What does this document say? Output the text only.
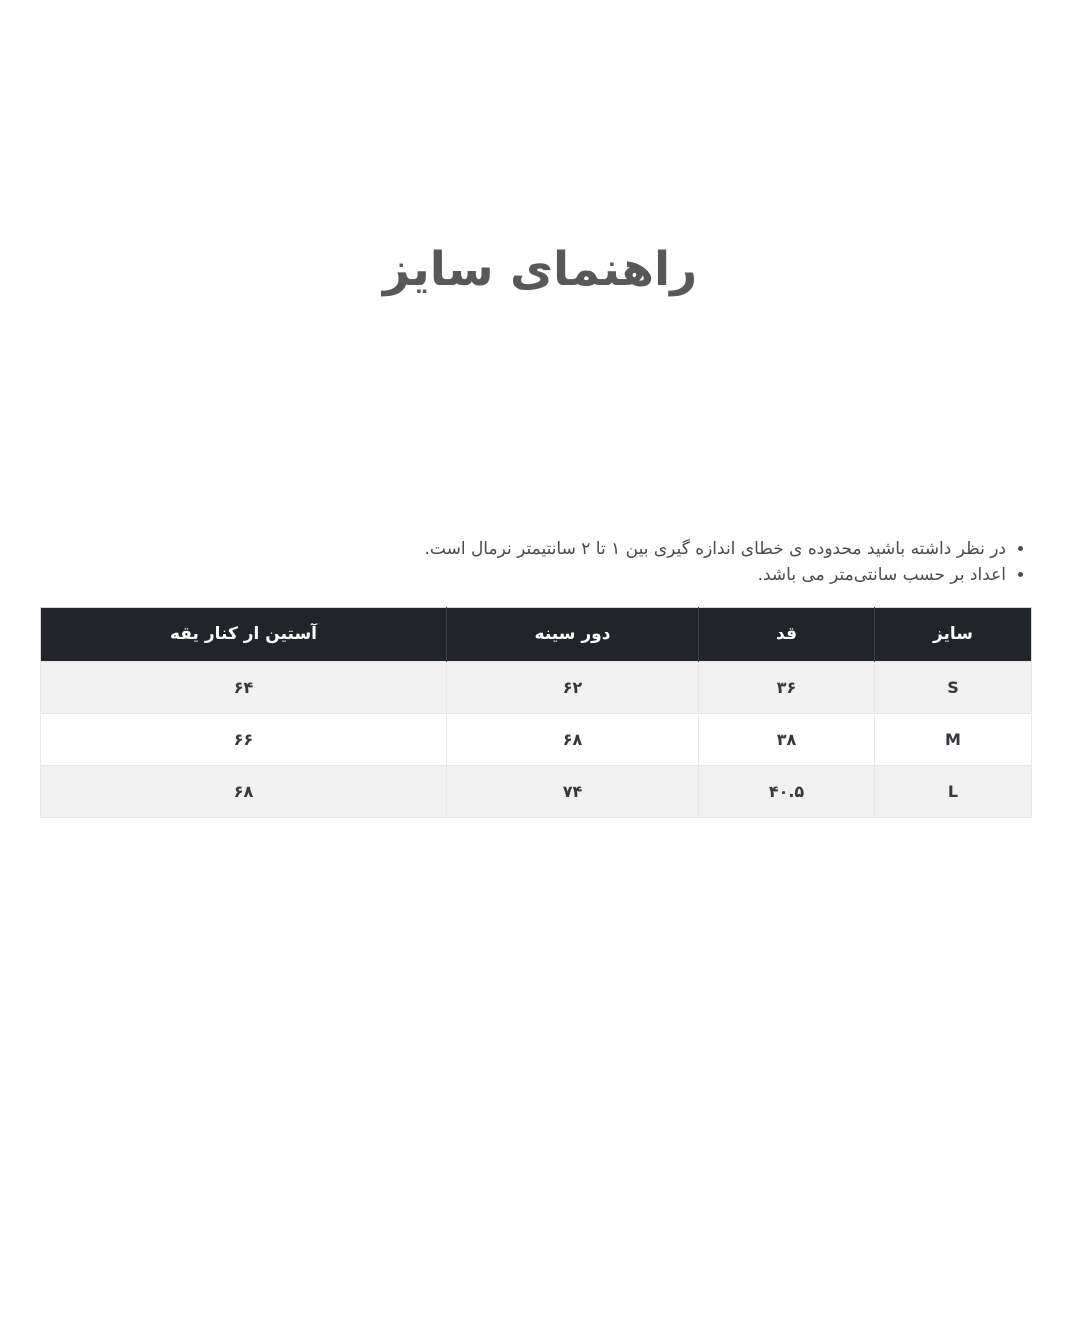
راهنمای سایز
• در نظر داشته باشید محدوده ی خطای اندازه گیری بین ۱ تا ۲ سانتیمتر نرمال است.
• اعداد بر حسب سانتی‌متر می باشد.
سایز	قد	دور سینه	آستین ار کنار یقه
S	۳۶	۶۲	۶۴
M	۳۸	۶۸	۶۶
L	۴۰.۵	۷۴	۶۸
